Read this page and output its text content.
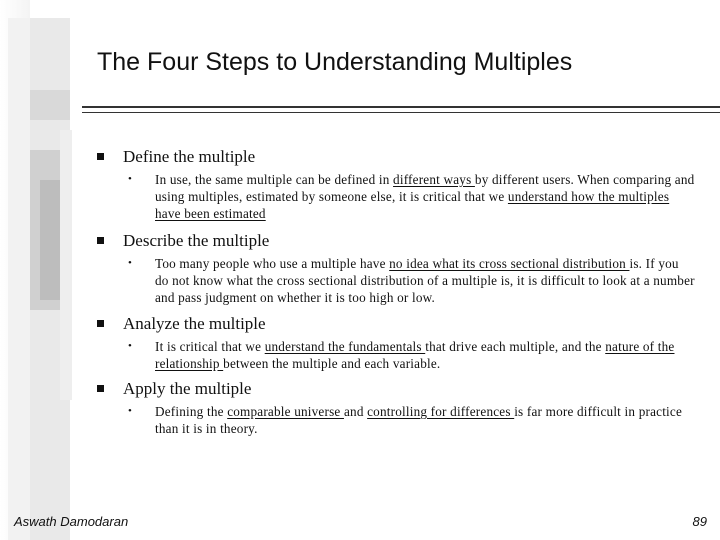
The Four Steps to Understanding Multiples
Define the multiple
•	In use, the same multiple can be defined in different ways by different users. When comparing and using multiples, estimated by someone else, it is critical that we understand how the multiples have been estimated
Describe the multiple
•	Too many people who use a multiple have no idea what its cross sectional distribution is. If you do not know what the cross sectional distribution of a multiple is, it is difficult to look at a number and pass judgment on whether it is too high or low.
Analyze the multiple
•	It is critical that we understand the fundamentals that drive each multiple, and the nature of the relationship between the multiple and each variable.
Apply the multiple
•	Defining the comparable universe and controlling for differences is far more difficult in practice than it is in theory.
Aswath Damodaran	89
